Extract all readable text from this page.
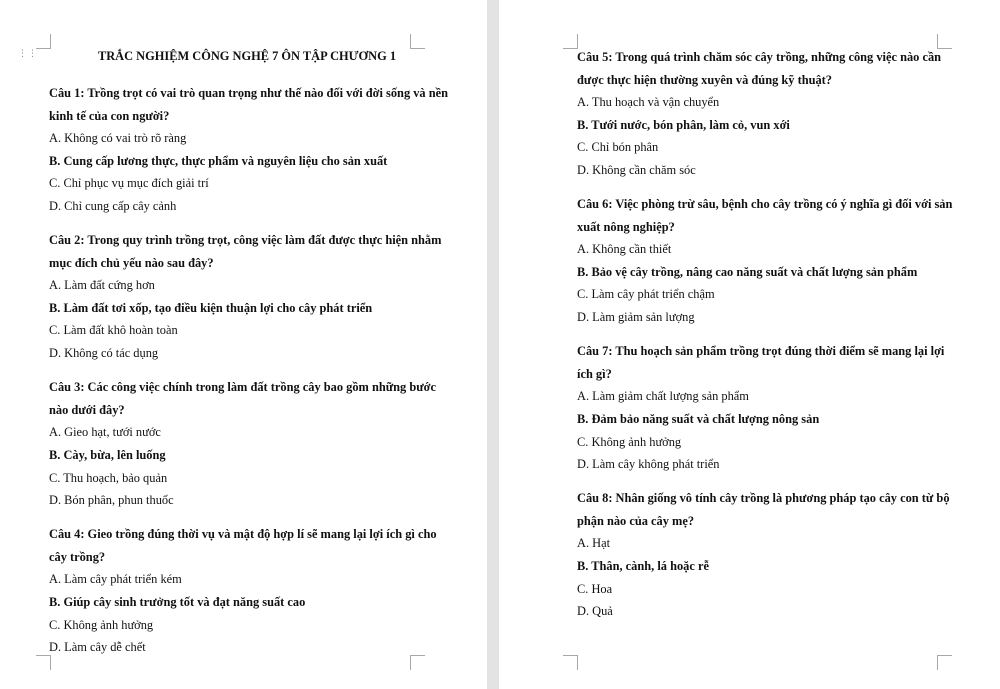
⋮⋮	TRẮC NGHIỆM CÔNG NGHỆ 7 ÔN TẬP CHƯƠNG 1
Câu 1: Trồng trọt có vai trò quan trọng như thế nào đối với đời sống và nền kinh tế của con người?
A. Không có vai trò rõ ràng
B. Cung cấp lương thực, thực phẩm và nguyên liệu cho sản xuất
C. Chỉ phục vụ mục đích giải trí
D. Chỉ cung cấp cây cảnh
Câu 2: Trong quy trình trồng trọt, công việc làm đất được thực hiện nhằm mục đích chủ yếu nào sau đây?
A. Làm đất cứng hơn
B. Làm đất tơi xốp, tạo điều kiện thuận lợi cho cây phát triển
C. Làm đất khô hoàn toàn
D. Không có tác dụng
Câu 3: Các công việc chính trong làm đất trồng cây bao gồm những bước nào dưới đây?
A. Gieo hạt, tưới nước
B. Cày, bừa, lên luống
C. Thu hoạch, bảo quản
D. Bón phân, phun thuốc
Câu 4: Gieo trồng đúng thời vụ và mật độ hợp lí sẽ mang lại lợi ích gì cho cây trồng?
A. Làm cây phát triển kém
B. Giúp cây sinh trưởng tốt và đạt năng suất cao
C. Không ảnh hưởng
D. Làm cây dễ chết
Câu 5: Trong quá trình chăm sóc cây trồng, những công việc nào cần được thực hiện thường xuyên và đúng kỹ thuật?
A. Thu hoạch và vận chuyển
B. Tưới nước, bón phân, làm cỏ, vun xới
C. Chỉ bón phân
D. Không cần chăm sóc
Câu 6: Việc phòng trừ sâu, bệnh cho cây trồng có ý nghĩa gì đối với sản xuất nông nghiệp?
A. Không cần thiết
B. Bảo vệ cây trồng, nâng cao năng suất và chất lượng sản phẩm
C. Làm cây phát triển chậm
D. Làm giảm sản lượng
Câu 7: Thu hoạch sản phẩm trồng trọt đúng thời điểm sẽ mang lại lợi ích gì?
A. Làm giảm chất lượng sản phẩm
B. Đảm bảo năng suất và chất lượng nông sản
C. Không ảnh hưởng
D. Làm cây không phát triển
Câu 8: Nhân giống vô tính cây trồng là phương pháp tạo cây con từ bộ phận nào của cây mẹ?
A. Hạt
B. Thân, cành, lá hoặc rễ
C. Hoa
D. Quả
